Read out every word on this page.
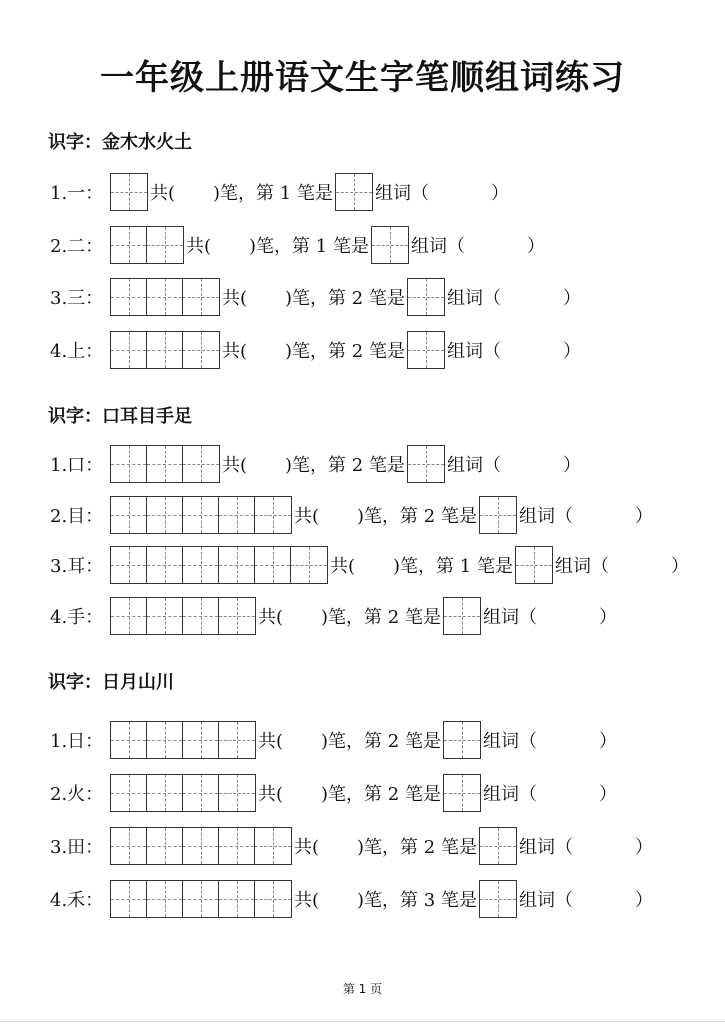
一年级上册语文生字笔顺组词练习
识字：金木水火土
1.一：	共( )笔，第 1 笔是 组词（	）
2.二：	共( )笔，第 1 笔是 组词（	）
3.三：	共( )笔，第 2 笔是 组词（	）
4.上：	共( )笔，第 2 笔是 组词（	）
识字：口耳目手足
1.口：	共( )笔，第 2 笔是 组词（	）
2.目：	共( )笔，第 2 笔是 组词（	）
3.耳：	共( )笔，第 1 笔是 组词（	）
4.手：	共( )笔，第 2 笔是 组词（	）
识字：日月山川
1.日：	共( )笔，第 2 笔是 组词（	）
2.火：	共( )笔，第 2 笔是 组词（	）
3.田：	共( )笔，第 2 笔是 组词（	）
4.禾：	共( )笔，第 3 笔是 组词（	）
第 1 页
